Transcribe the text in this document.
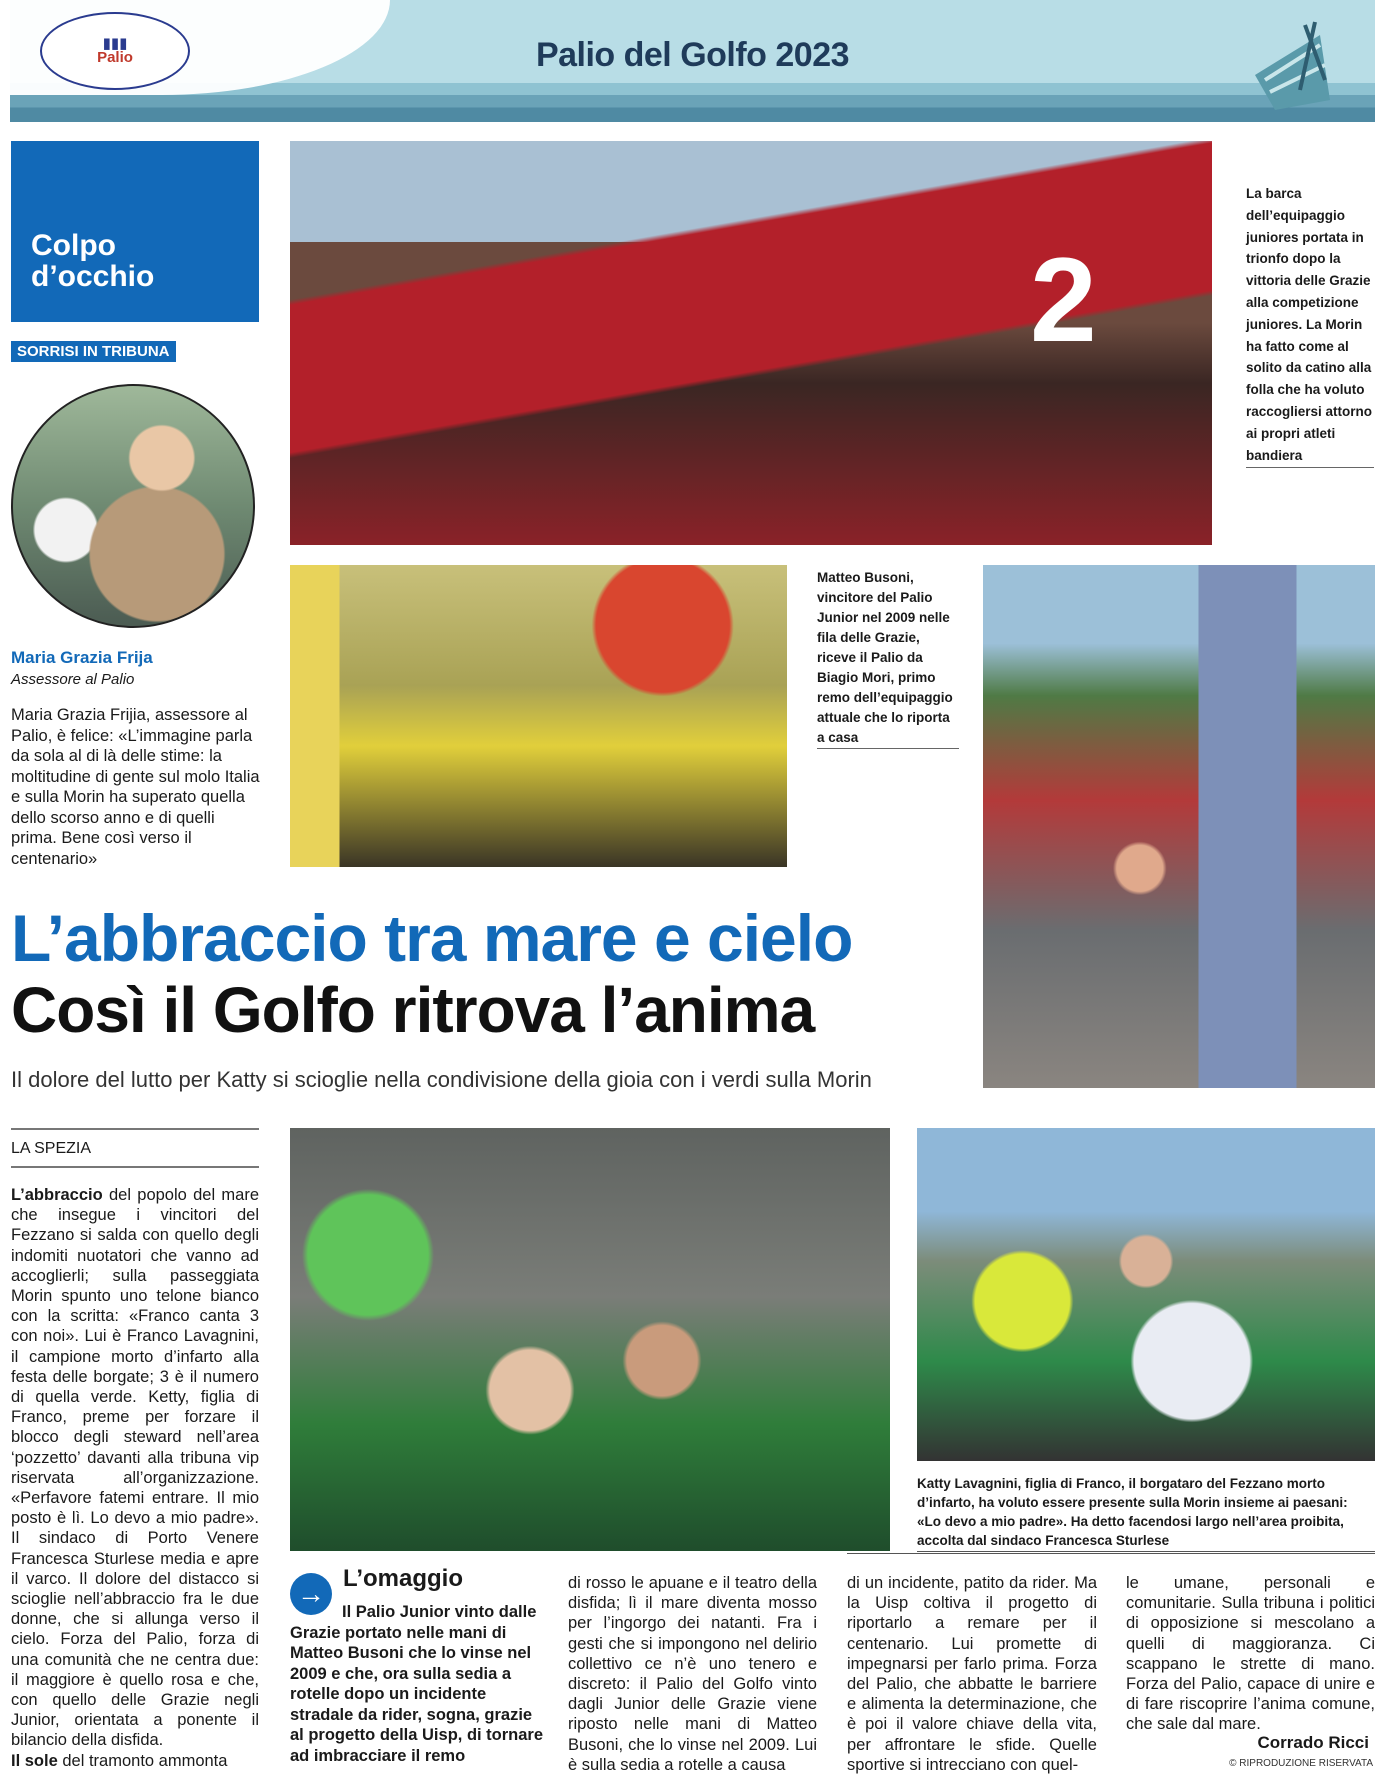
▮▮▮
Palio	Palio del Golfo 2023
Colpo d’occhio
SORRISI IN TRIBUNA
Maria Grazia Frija
Assessore al Palio
Maria Grazia Frijia, assessore al Palio, è felice: «L’immagine parla da sola al di là delle stime: la moltitudine di gente sul molo Italia e sulla Morin ha superato quella dello scorso anno e di quelli prima. Bene così verso il centenario»
2
La barca dell’equipaggio juniores portata in trionfo dopo la vittoria delle Grazie alla competizione juniores. La Morin ha fatto come al solito da catino alla folla che ha voluto raccogliersi attorno ai propri atleti bandiera
Matteo Busoni, vincitore del Palio Junior nel 2009 nelle fila delle Grazie, riceve il Palio da Biagio Mori, primo remo dell’equipaggio attuale che lo riporta a casa
L’abbraccio tra mare e cielo
Così il Golfo ritrova l’anima
Il dolore del lutto per Katty si scioglie nella condivisione della gioia con i verdi sulla Morin
LA SPEZIA
L’abbraccio del popolo del mare che insegue i vincitori del Fezzano si salda con quello degli indomiti nuotatori che vanno ad accoglierli; sulla passeggiata Morin spunto uno telone bianco con la scritta: «Franco canta 3 con noi». Lui è Franco Lavagnini, il campione morto d’infarto alla festa delle borgate; 3 è il numero di quella verde. Ketty, figlia di Franco, preme per forzare il blocco degli steward nell’area ‘pozzetto’ davanti alla tribuna vip riservata all’organizzazione. «Perfavore fatemi entrare. Il mio posto è lì. Lo devo a mio padre». Il sindaco di Porto Venere Francesca Sturlese media e apre il varco. Il dolore del distacco si scioglie nell’abbraccio fra le due donne, che si allunga verso il cielo. Forza del Palio, forza di una comunità che ne centra due: il maggiore è quello rosa e che, con quello delle Grazie negli Junior, orientata a ponente il bilancio della disfida.
Il sole del tramonto ammonta
Katty Lavagnini, figlia di Franco, il borgataro del Fezzano morto d’infarto, ha voluto essere presente sulla Morin insieme ai paesani: «Lo devo a mio padre». Ha detto facendosi largo nell’area proibita, accolta dal sindaco Francesca Sturlese
→ L’omaggio
Il Palio Junior vinto dalle Grazie portato nelle mani di Matteo Busoni che lo vinse nel 2009 e che, ora sulla sedia a rotelle dopo un incidente stradale da rider, sogna, grazie al progetto della Uisp, di tornare ad imbracciare il remo
di rosso le apuane e il teatro della disfida; lì il mare diventa mosso per l’ingorgo dei natanti. Fra i gesti che si impongono nel delirio collettivo ce n’è uno tenero e discreto: il Palio del Golfo vinto dagli Junior delle Grazie viene riposto nelle mani di Matteo Busoni, che lo vinse nel 2009. Lui è sulla sedia a rotelle a causa
di un incidente, patito da rider. Ma la Uisp coltiva il progetto di riportarlo a remare per il centenario. Lui promette di impegnarsi per farlo prima. Forza del Palio, che abbatte le barriere e alimenta la determinazione, che è poi il valore chiave della vita, per affrontare le sfide. Quelle sportive si intrecciano con quel-
le umane, personali e comunitarie. Sulla tribuna i politici di opposizione si mescolano a quelli di maggioranza. Ci scappano le strette di mano. Forza del Palio, capace di unire e di fare riscoprire l’anima comune, che sale dal mare.
Corrado Ricci
© RIPRODUZIONE RISERVATA
